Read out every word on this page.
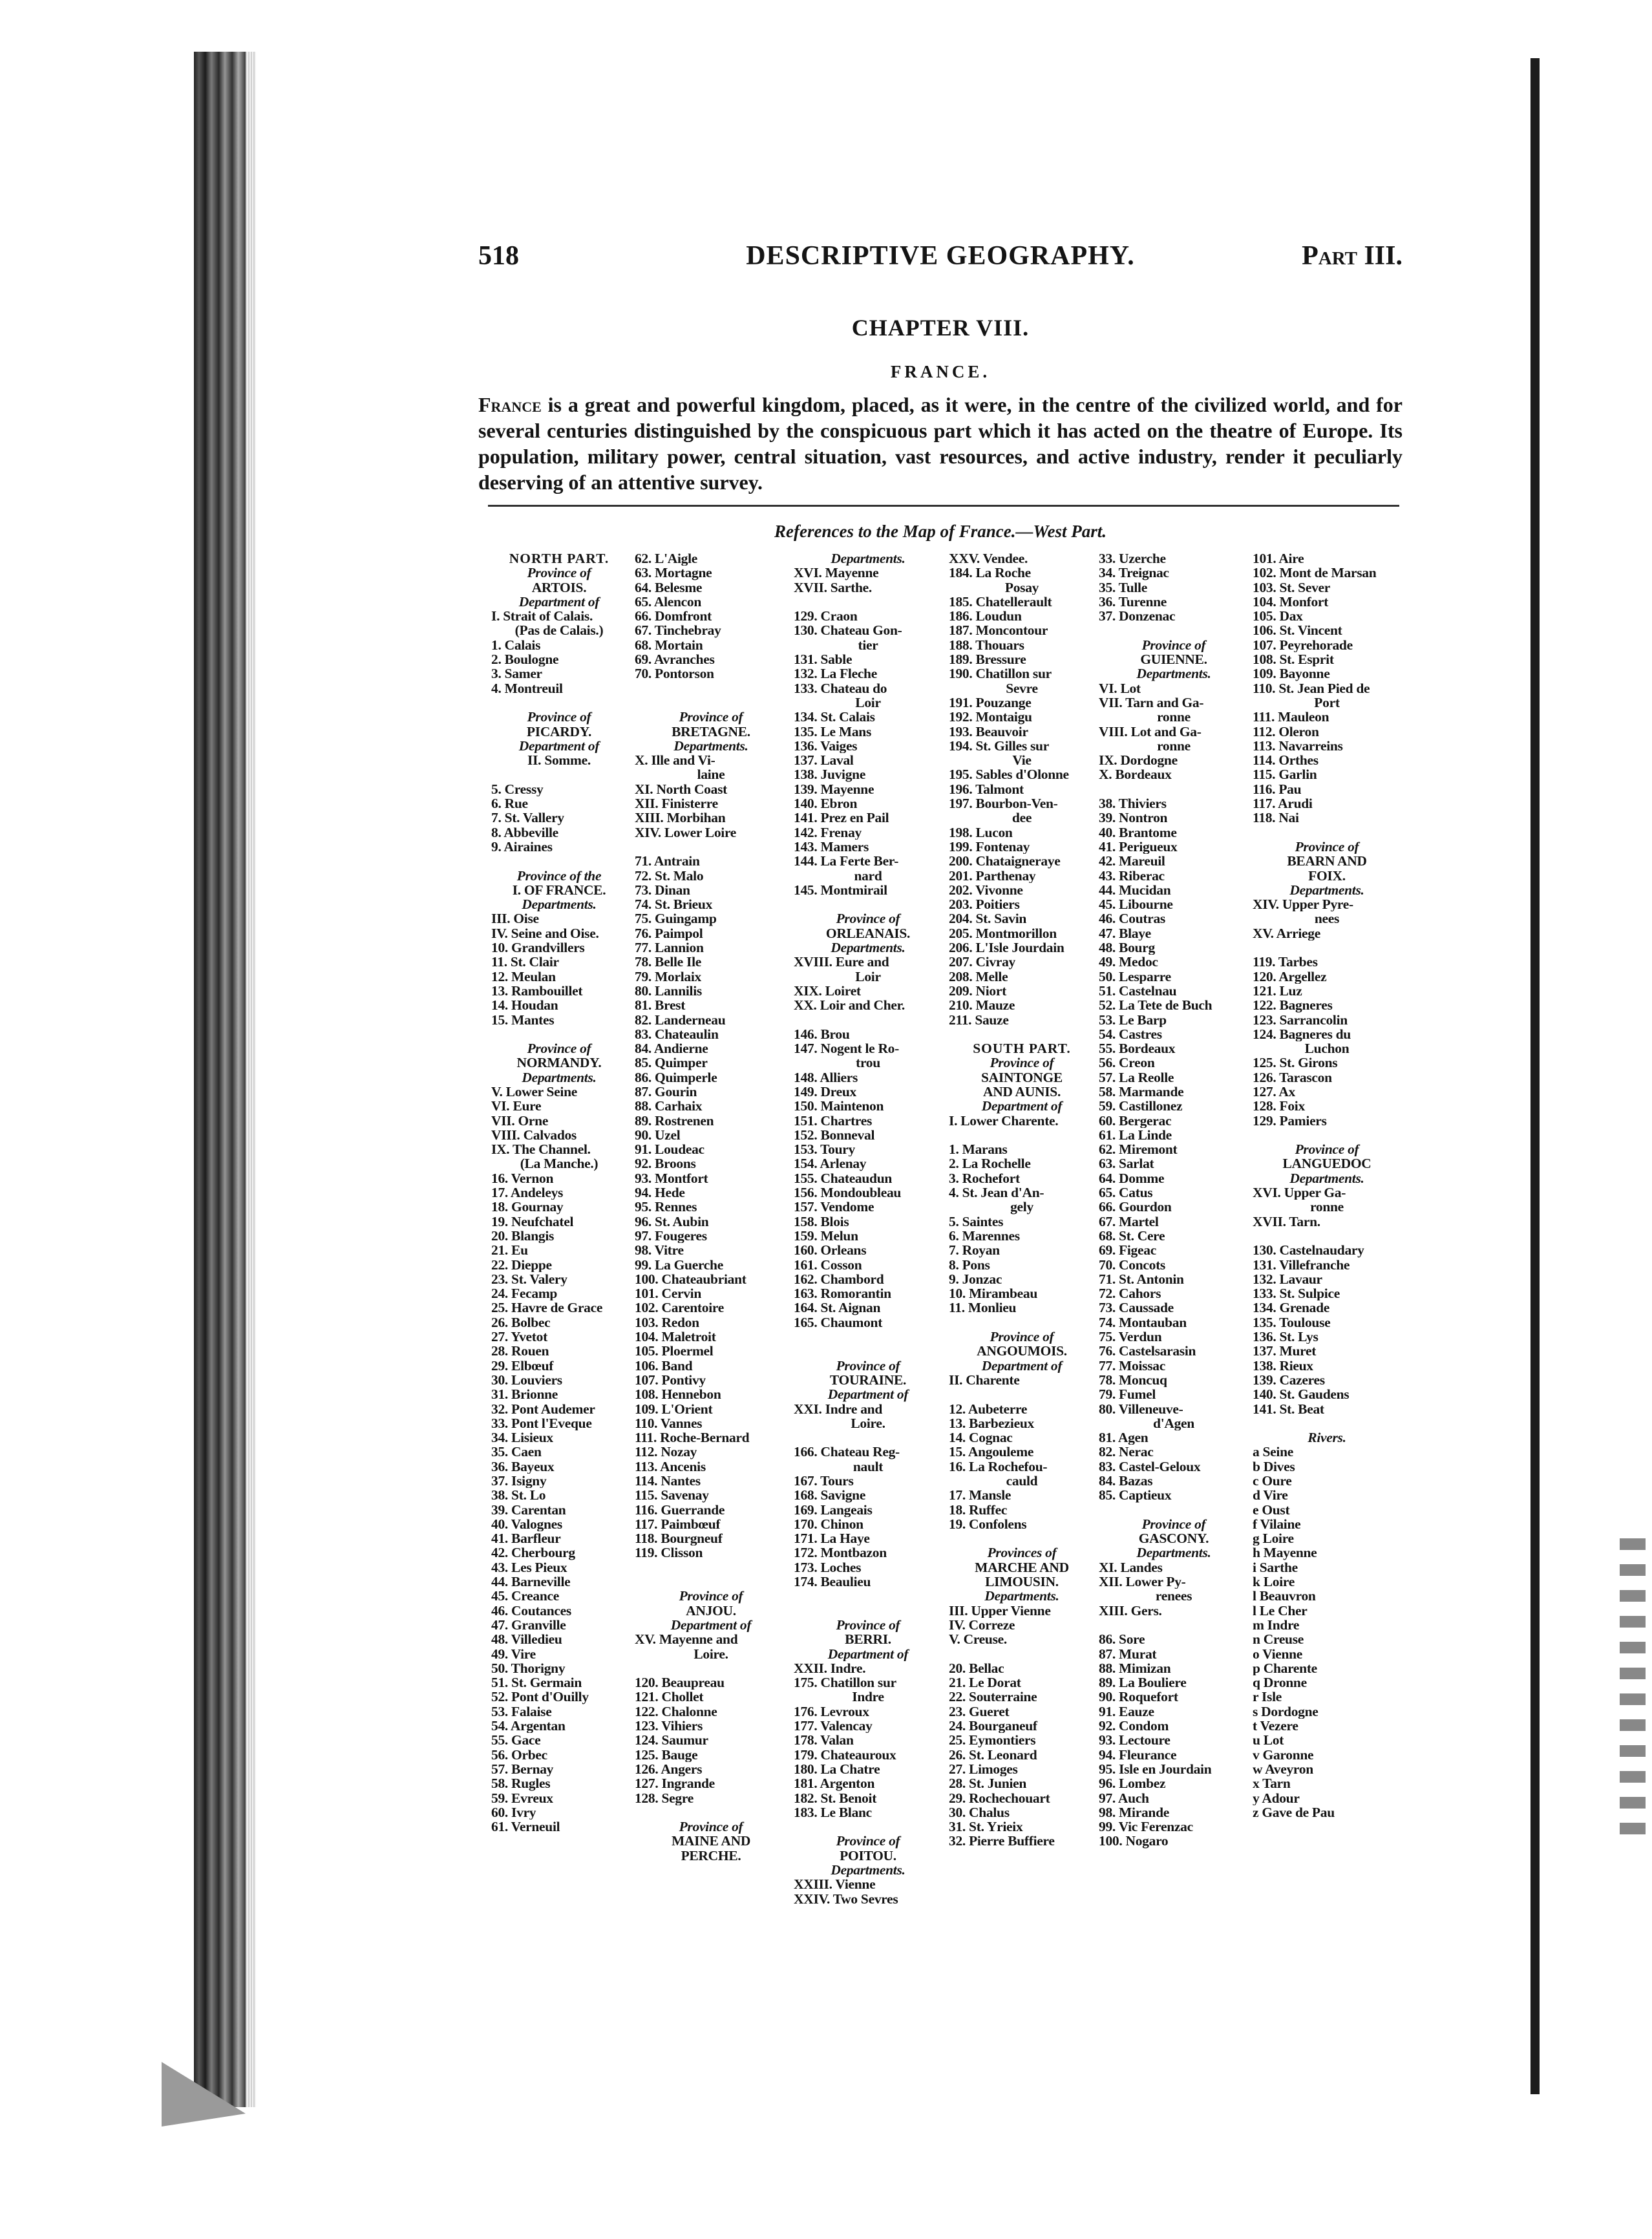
518	DESCRIPTIVE GEOGRAPHY.	Part III.
CHAPTER VIII.
FRANCE.
France is a great and powerful kingdom, placed, as it were, in the centre of the civilized world, and for several centuries distinguished by the conspicuous part which it has acted on the theatre of Europe. Its population, military power, central situation, vast resources, and active industry, render it peculiarly deserving of an attentive survey.
References to the Map of France.—West Part.
NORTH PART.
Province of
ARTOIS.
Department of
I. Strait of Calais.
(Pas de Calais.)
1. Calais
2. Boulogne
3. Samer
4. Montreuil
Province of
PICARDY.
Department of
II. Somme.
5. Cressy
6. Rue
7. St. Vallery
8. Abbeville
9. Airaines
Province of the
I. OF FRANCE.
Departments.
III. Oise
IV. Seine and Oise.
10. Grandvillers
11. St. Clair
12. Meulan
13. Rambouillet
14. Houdan
15. Mantes
Province of
NORMANDY.
Departments.
V. Lower Seine
VI. Eure
VII. Orne
VIII. Calvados
IX. The Channel.
(La Manche.)
16. Vernon
17. Andeleys
18. Gournay
19. Neufchatel
20. Blangis
21. Eu
22. Dieppe
23. St. Valery
24. Fecamp
25. Havre de Grace
26. Bolbec
27. Yvetot
28. Rouen
29. Elbœuf
30. Louviers
31. Brionne
32. Pont Audemer
33. Pont l'Eveque
34. Lisieux
35. Caen
36. Bayeux
37. Isigny
38. St. Lo
39. Carentan
40. Valognes
41. Barfleur
42. Cherbourg
43. Les Pieux
44. Barneville
45. Creance
46. Coutances
47. Granville
48. Villedieu
49. Vire
50. Thorigny
51. St. Germain
52. Pont d'Ouilly
53. Falaise
54. Argentan
55. Gace
56. Orbec
57. Bernay
58. Rugles
59. Evreux
60. Ivry
61. Verneuil
62. L'Aigle
63. Mortagne
64. Belesme
65. Alencon
66. Domfront
67. Tinchebray
68. Mortain
69. Avranches
70. Pontorson
Province of
BRETAGNE.
Departments.
X. Ille and Vi-
laine
XI. North Coast
XII. Finisterre
XIII. Morbihan
XIV. Lower Loire
71. Antrain
72. St. Malo
73. Dinan
74. St. Brieux
75. Guingamp
76. Paimpol
77. Lannion
78. Belle Ile
79. Morlaix
80. Lannilis
81. Brest
82. Landerneau
83. Chateaulin
84. Andierne
85. Quimper
86. Quimperle
87. Gourin
88. Carhaix
89. Rostrenen
90. Uzel
91. Loudeac
92. Broons
93. Montfort
94. Hede
95. Rennes
96. St. Aubin
97. Fougeres
98. Vitre
99. La Guerche
100. Chateaubriant
101. Cervin
102. Carentoire
103. Redon
104. Maletroit
105. Ploermel
106. Band
107. Pontivy
108. Hennebon
109. L'Orient
110. Vannes
111. Roche-Bernard
112. Nozay
113. Ancenis
114. Nantes
115. Savenay
116. Guerrande
117. Paimbœuf
118. Bourgneuf
119. Clisson
Province of
ANJOU.
Department of
XV. Mayenne and
Loire.
120. Beaupreau
121. Chollet
122. Chalonne
123. Vihiers
124. Saumur
125. Bauge
126. Angers
127. Ingrande
128. Segre
Province of
MAINE AND
PERCHE.
Departments.
XVI. Mayenne
XVII. Sarthe.
129. Craon
130. Chateau Gon-
tier
131. Sable
132. La Fleche
133. Chateau do
Loir
134. St. Calais
135. Le Mans
136. Vaiges
137. Laval
138. Juvigne
139. Mayenne
140. Ebron
141. Prez en Pail
142. Frenay
143. Mamers
144. La Ferte Ber-
nard
145. Montmirail
Province of
ORLEANAIS.
Departments.
XVIII. Eure and
Loir
XIX. Loiret
XX. Loir and Cher.
146. Brou
147. Nogent le Ro-
trou
148. Alliers
149. Dreux
150. Maintenon
151. Chartres
152. Bonneval
153. Toury
154. Arlenay
155. Chateaudun
156. Mondoubleau
157. Vendome
158. Blois
159. Melun
160. Orleans
161. Cosson
162. Chambord
163. Romorantin
164. St. Aignan
165. Chaumont
Province of
TOURAINE.
Department of
XXI. Indre and
Loire.
166. Chateau Reg-
nault
167. Tours
168. Savigne
169. Langeais
170. Chinon
171. La Haye
172. Montbazon
173. Loches
174. Beaulieu
Province of
BERRI.
Department of
XXII. Indre.
175. Chatillon sur
Indre
176. Levroux
177. Valencay
178. Valan
179. Chateauroux
180. La Chatre
181. Argenton
182. St. Benoit
183. Le Blanc
Province of
POITOU.
Departments.
XXIII. Vienne
XXIV. Two Sevres
XXV. Vendee.
184. La Roche
Posay
185. Chatellerault
186. Loudun
187. Moncontour
188. Thouars
189. Bressure
190. Chatillon sur
Sevre
191. Pouzange
192. Montaigu
193. Beauvoir
194. St. Gilles sur
Vie
195. Sables d'Olonne
196. Talmont
197. Bourbon-Ven-
dee
198. Lucon
199. Fontenay
200. Chataigneraye
201. Parthenay
202. Vivonne
203. Poitiers
204. St. Savin
205. Montmorillon
206. L'Isle Jourdain
207. Civray
208. Melle
209. Niort
210. Mauze
211. Sauze
SOUTH PART.
Province of
SAINTONGE
AND AUNIS.
Department of
I. Lower Charente.
1. Marans
2. La Rochelle
3. Rochefort
4. St. Jean d'An-
gely
5. Saintes
6. Marennes
7. Royan
8. Pons
9. Jonzac
10. Mirambeau
11. Monlieu
Province of
ANGOUMOIS.
Department of
II. Charente
12. Aubeterre
13. Barbezieux
14. Cognac
15. Angouleme
16. La Rochefou-
cauld
17. Mansle
18. Ruffec
19. Confolens
Provinces of
MARCHE AND
LIMOUSIN.
Departments.
III. Upper Vienne
IV. Correze
V. Creuse.
20. Bellac
21. Le Dorat
22. Souterraine
23. Gueret
24. Bourganeuf
25. Eymontiers
26. St. Leonard
27. Limoges
28. St. Junien
29. Rochechouart
30. Chalus
31. St. Yrieix
32. Pierre Buffiere
33. Uzerche
34. Treignac
35. Tulle
36. Turenne
37. Donzenac
Province of
GUIENNE.
Departments.
VI. Lot
VII. Tarn and Ga-
ronne
VIII. Lot and Ga-
ronne
IX. Dordogne
X. Bordeaux
38. Thiviers
39. Nontron
40. Brantome
41. Perigueux
42. Mareuil
43. Riberac
44. Mucidan
45. Libourne
46. Coutras
47. Blaye
48. Bourg
49. Medoc
50. Lesparre
51. Castelnau
52. La Tete de Buch
53. Le Barp
54. Castres
55. Bordeaux
56. Creon
57. La Reolle
58. Marmande
59. Castillonez
60. Bergerac
61. La Linde
62. Miremont
63. Sarlat
64. Domme
65. Catus
66. Gourdon
67. Martel
68. St. Cere
69. Figeac
70. Concots
71. St. Antonin
72. Cahors
73. Caussade
74. Montauban
75. Verdun
76. Castelsarasin
77. Moissac
78. Moncuq
79. Fumel
80. Villeneuve-
d'Agen
81. Agen
82. Nerac
83. Castel-Geloux
84. Bazas
85. Captieux
Province of
GASCONY.
Departments.
XI. Landes
XII. Lower Py-
renees
XIII. Gers.
86. Sore
87. Murat
88. Mimizan
89. La Bouliere
90. Roquefort
91. Eauze
92. Condom
93. Lectoure
94. Fleurance
95. Isle en Jourdain
96. Lombez
97. Auch
98. Mirande
99. Vic Ferenzac
100. Nogaro
101. Aire
102. Mont de Marsan
103. St. Sever
104. Monfort
105. Dax
106. St. Vincent
107. Peyrehorade
108. St. Esprit
109. Bayonne
110. St. Jean Pied de
Port
111. Mauleon
112. Oleron
113. Navarreins
114. Orthes
115. Garlin
116. Pau
117. Arudi
118. Nai
Province of
BEARN AND
FOIX.
Departments.
XIV. Upper Pyre-
nees
XV. Arriege
119. Tarbes
120. Argellez
121. Luz
122. Bagneres
123. Sarrancolin
124. Bagneres du
Luchon
125. St. Girons
126. Tarascon
127. Ax
128. Foix
129. Pamiers
Province of
LANGUEDOC
Departments.
XVI. Upper Ga-
ronne
XVII. Tarn.
130. Castelnaudary
131. Villefranche
132. Lavaur
133. St. Sulpice
134. Grenade
135. Toulouse
136. St. Lys
137. Muret
138. Rieux
139. Cazeres
140. St. Gaudens
141. St. Beat
Rivers.
a Seine
b Dives
c Oure
d Vire
e Oust
f Vilaine
g Loire
h Mayenne
i Sarthe
k Loire
l Beauvron
l Le Cher
m Indre
n Creuse
o Vienne
p Charente
q Dronne
r Isle
s Dordogne
t Vezere
u Lot
v Garonne
w Aveyron
x Tarn
y Adour
z Gave de Pau
